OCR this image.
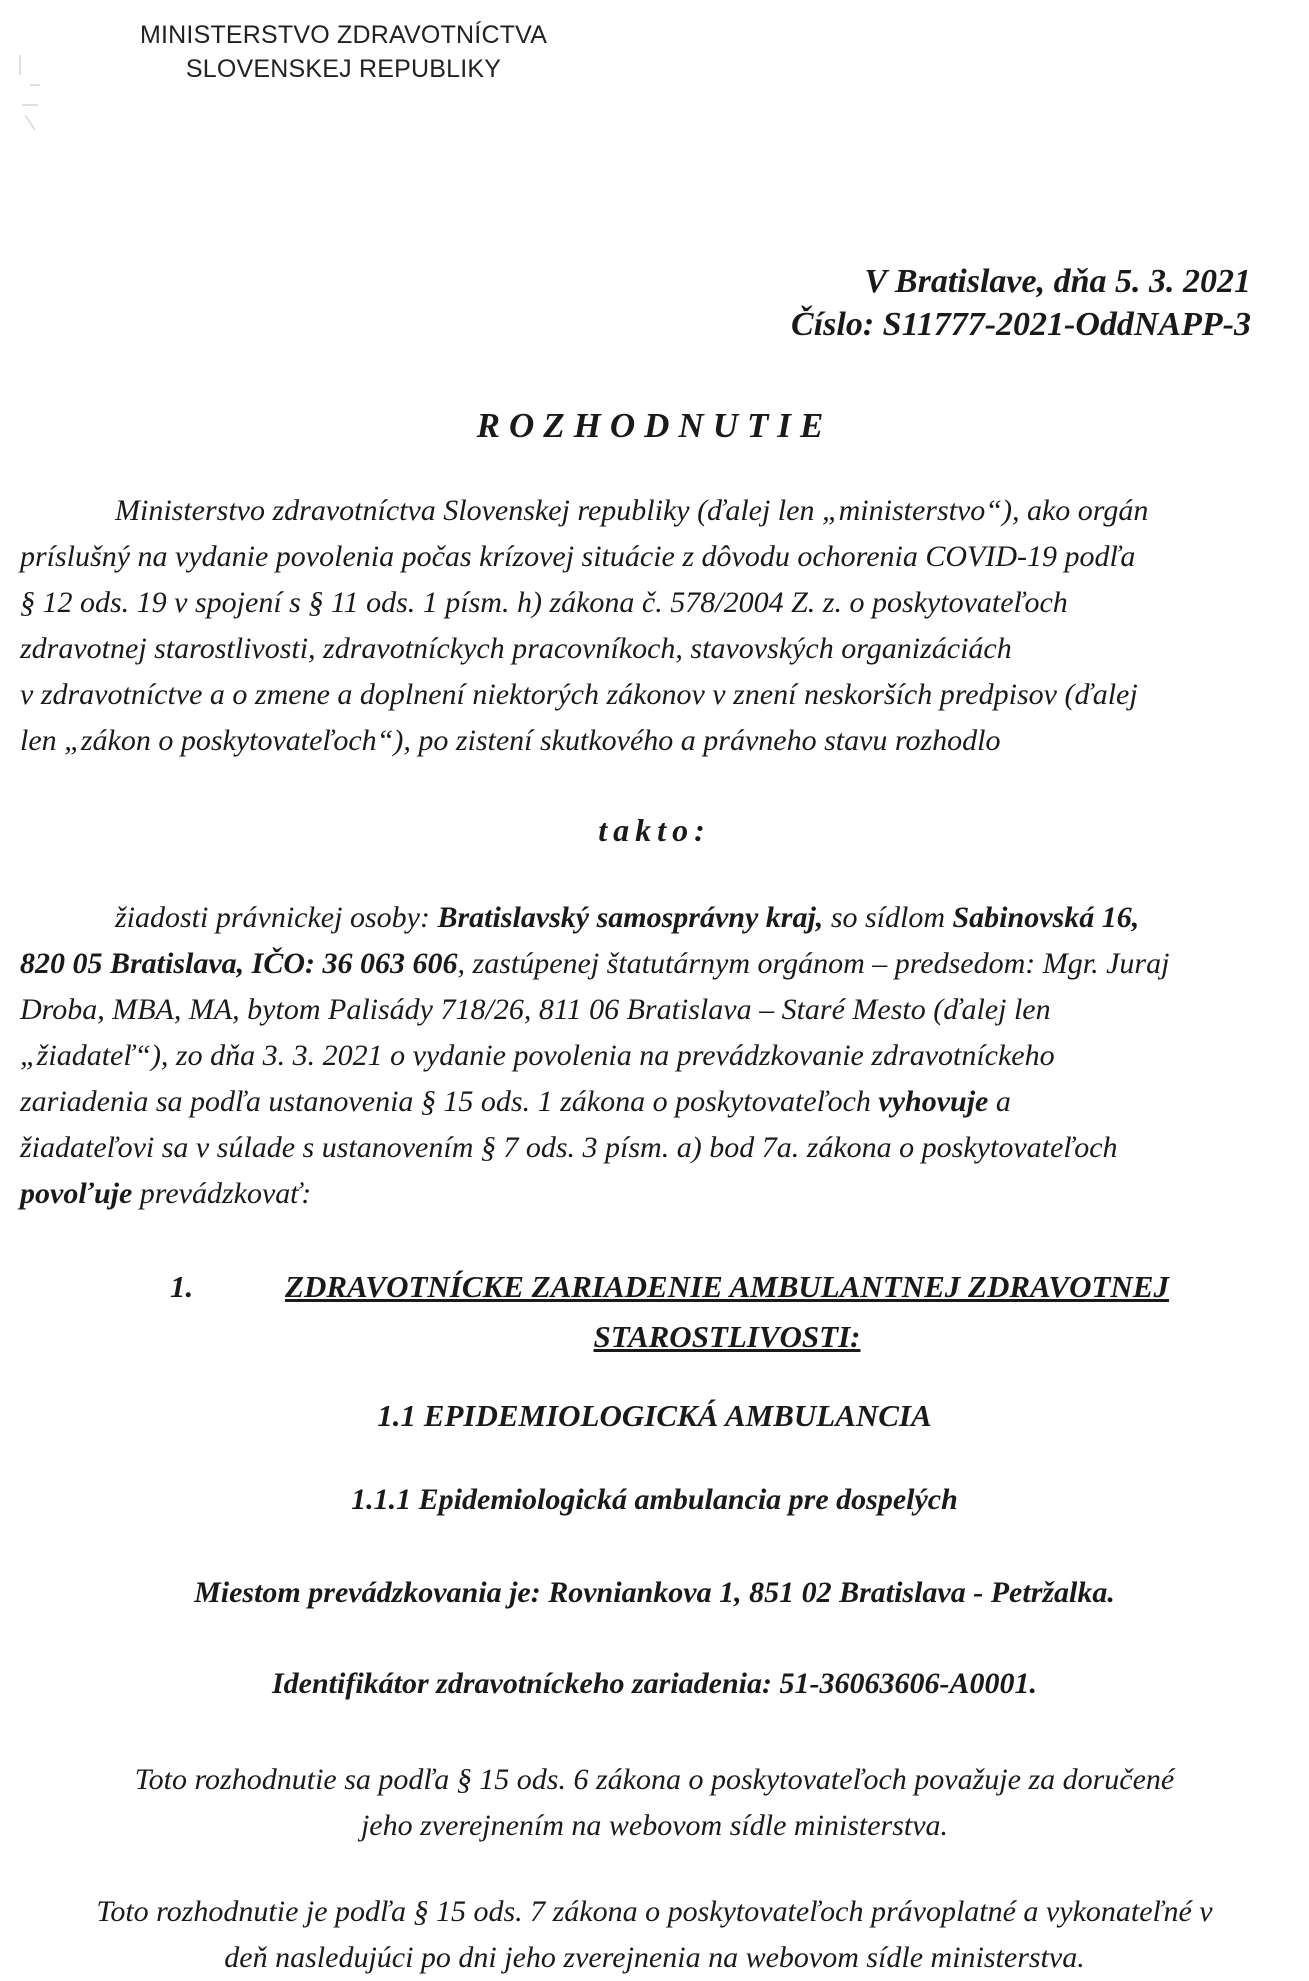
MINISTERSTVO ZDRAVOTNÍCTVA
SLOVENSKEJ REPUBLIKY
V Bratislave, dňa 5. 3. 2021
Číslo: S11777-2021-OddNAPP-3
ROZHODNUTIE
Ministerstvo zdravotníctva Slovenskej republiky (ďalej len „ministerstvo“), ako orgán
príslušný na vydanie povolenia počas krízovej situácie z dôvodu ochorenia COVID-19 podľa
§ 12 ods. 19 v spojení s § 11 ods. 1 písm. h) zákona č. 578/2004 Z. z. o poskytovateľoch
zdravotnej starostlivosti, zdravotníckych pracovníkoch, stavovských organizáciách
v zdravotníctve a o zmene a doplnení niektorých zákonov v znení neskorších predpisov (ďalej
len „zákon o poskytovateľoch“), po zistení skutkového a právneho stavu rozhodlo
takto:
žiadosti právnickej osoby: Bratislavský samosprávny kraj, so sídlom Sabinovská 16,
820 05 Bratislava, IČO: 36 063 606, zastúpenej štatutárnym orgánom – predsedom: Mgr. Juraj
Droba, MBA, MA, bytom Palisády 718/26, 811 06 Bratislava – Staré Mesto (ďalej len
„žiadateľ“), zo dňa 3. 3. 2021 o vydanie povolenia na prevádzkovanie zdravotníckeho
zariadenia sa podľa ustanovenia § 15 ods. 1 zákona o poskytovateľoch vyhovuje a
žiadateľovi sa v súlade s ustanovením § 7 ods. 3 písm. a) bod 7a. zákona o poskytovateľoch
povoľuje prevádzkovať:
1.	ZDRAVOTNÍCKE ZARIADENIE AMBULANTNEJ ZDRAVOTNEJ
STAROSTLIVOSTI:
1.1 EPIDEMIOLOGICKÁ AMBULANCIA
1.1.1 Epidemiologická ambulancia pre dospelých
Miestom prevádzkovania je: Rovniankova 1, 851 02 Bratislava - Petržalka.
Identifikátor zdravotníckeho zariadenia: 51-36063606-A0001.
Toto rozhodnutie sa podľa § 15 ods. 6 zákona o poskytovateľoch považuje za doručené
jeho zverejnením na webovom sídle ministerstva.
Toto rozhodnutie je podľa § 15 ods. 7 zákona o poskytovateľoch právoplatné a vykonateľné v
deň nasledujúci po dni jeho zverejnenia na webovom sídle ministerstva.
